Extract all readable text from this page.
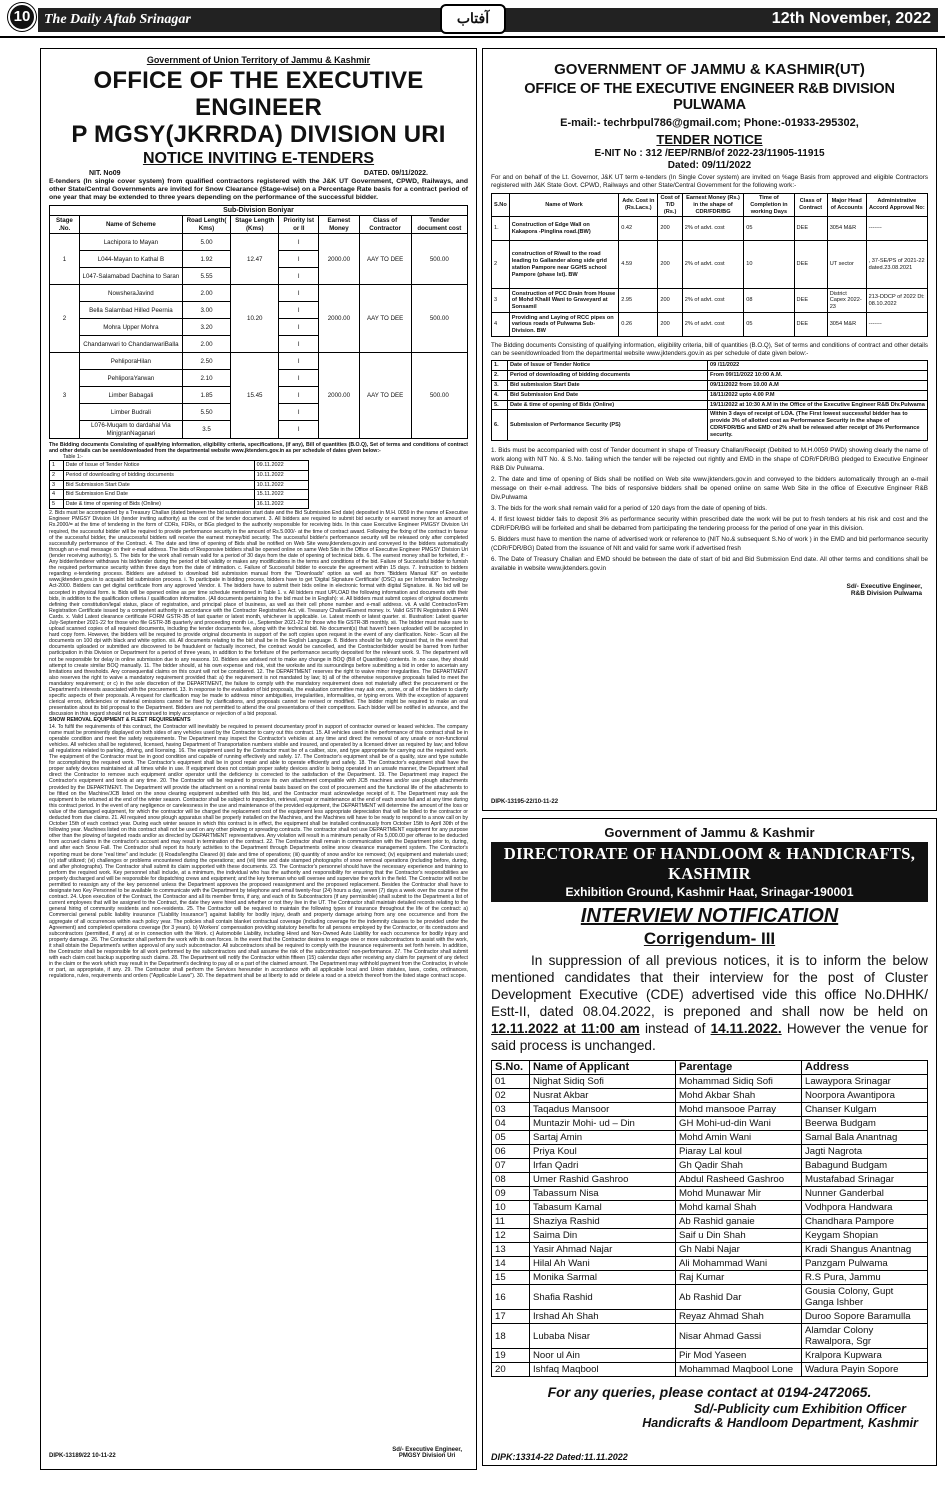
10 The Daily Aftab Srinagar	آفتاب	12th November, 2022
Government of Union Territory of Jammu & Kashmir
OFFICE OF THE EXECUTIVE ENGINEER
P MGSY(JKRRDA) DIVISION URI
NOTICE INVITING E-TENDERS
NIT. No09	DATED. 09/11/2022.
E-tenders (In single cover system) from qualified contractors registered with the J&K UT Government, CPWD, Railways, and other State/Central Governments are invited for Snow Clearance (Stage-wise) on a Percentage Rate basis for a contract period of one year that may be extended to three years depending on the performance of the successful bidder.
Sub-Division Boniyar							
Stage .No.	Name of Scheme	Road Length( Kms)	Stage Length (Kms)	Priority Ist or II	Earnest Money	Class of Contractor	Tender document cost
1	Lachipora to Mayan	5.00	12.47	I	2000.00	AAY TO DEE	500.00
	L044-Mayan to Kathal B	1.92		I			
	L047-Salamabad Dachina to Saran	5.55		I			
2	NowsheraJavind	2.00	10.20	I	2000.00	AAY TO DEE	500.00
	Bella Salambad Hilled Peernia	3.00		I			
	Mohra Upper Mohra	3.20		I			
	Chandanwari to ChandanwariBalla	2.00		I			
3	PehliporaHilan	2.50	15.45	I	2000.00	AAY TO DEE	500.00
	PehliporaYarwan	2.10		I			
	Limber Babagali	1.85		I			
	Limber Budrali	5.50		I			
	L076-Muqam to dardahal Via MinjgranNaganari	3.5		I			
The Bidding documents Consisting of qualifying information, eligibility criteria, specifications, (if any), Bill of quantities (B.O.Q), Set of terms and conditions of contract and other details can be seen/downloaded from the departmental website www.jktenders.gov.in as per schedule of dates given below:-
Table 1:-
1	Date of Issue of Tender Notice	09.11.2022
2	Period of downloading of bidding documents	10.11.2022
3	Bid Submission Start Date	10.11.2022
4	Bid Submission End Date	15.11.2022
5	Date & time of opening of Bids (Online)	16.11.2022
2. Bids must be accompanied by a Treasury Challan (dated between the bid submission start date and the Bid Submission End date) deposited in M.H. 0059 in the name of Executive Engineer PMGSY Division Uri (tender inviting authority) as the cost of the tender document. 3. All bidders are required to submit bid security or earnest money for an amount of Rs.2000/= at the time of tendering in the form of CDRs, FDRs, or BGs pledged to the authority responsible for receiving bids. In this case Executive Engineer PMGSY Division Uri required, the successful bidder will be required to provide performance security in the amount of Rs.5.000/- at the time of contract award. Following the fixing of the contract in favour of the successful bidder, the unsuccessful bidders will receive the earnest money/bid security. The successful bidder's performance security will be released only after completed successfully performance of the Contract. 4. The date and time of opening of Bids shall be notified on Web Site www.jktenders.gov.in and conveyed to the bidders automatically through an e-mail message on their e-mail address. The bids of Responsive bidders shall be opened online on same Web Site in the Office of Executive Engineer PMGSY Division Uri (tender receiving authority). 5. The bids for the work shall remain valid for a period of 30 days from the date of opening of technical bids. 6. The earnest money shall be forfeited, if: - Any bidder/tenderer withdraws his bid/tender during the period of bid validity or makes any modifications in the terms and conditions of the bid. Failure of Successful bidder to furnish the required performance security within three days from the date of intimation. c. Failure of Successful bidder to execute the agreement within 15 days. 7. Instruction to bidders regarding e-tendering process. Bidders are advised to download bid submission manual from the "Downloads" option as well as from "Bidders Manual Kit" on website www.jktenders.gov.in to acquaint bid submission process. i. To participate in bidding process, bidders have to get 'Digital Signature Certificate' (DSC) as per Information Technology Act-2000. Bidders can get digital certificate from any approved Vendor. ii. The bidders have to submit their bids online in electronic format with digital Signature. iii. No bid will be accepted in physical form. iv. Bids will be opened online as per time schedule mentioned in Table 1. v. All bidders must UPLOAD the following information and documents with their bids, in addition to the qualification criteria / qualification information. (All documents pertaining to the bid must be in English): vi. All bidders must submit copies of original documents defining their constitution/legal status, place of registration, and principal place of business, as well as their cell phone number and e-mail address. vii. A valid Contractor/Firm Registration Certificate issued by a competent authority in accordance with the Contractor Registration Act. viii. Treasury Challan/Earnest money. ix. Valid GSTIN Registration & PAN Cards. x. Valid Latest clearance certificate FORM GSTR-3B of last quarter or latest month, whichever is applicable. i.e. Latest month or latest quarter. xi. Illustration: Latest quarter July-September 2021-22 for those who file GSTR-3B quarterly and proceeding month i.e., September 2021-22 for those who file GSTR-3B monthly. xii. The bidder must make sure to upload scanned copies of all required documents, including the tender documents fee, along with the technical bid. No document(s) that haven't been uploaded will be accepted in hard copy form. However, the bidders will be required to provide original documents in support of the soft copies upon request in the event of any clarification. Note:- Scan all the documents on 100 dpi with black and white option. xiii. All documents relating to the bid shall be in the English Language. 8. Bidders should be fully cognizant that, in the event that documents uploaded or submitted are discovered to be fraudulent or factually incorrect, the contract would be cancelled, and the Contractor/bidder would be barred from further participation in this Division or Department for a period of three years, in addition to the forfeiture of the performance security deposited for the relevant work. 9. The department will not be responsible for delay in online submission due to any reasons. 10. Bidders are advised not to make any change in BOQ (Bill of Quantities) contents. In .no case, they should attempt to create similar BOQ manually. 11. The bidder should, at his own expense and risk, visit the worksite and its surroundings before submitting a bid in order to ascertain any limitations and thresholds. Any consequential claims on this count will not be considered. 12. The DEPARTMENT reserves the right to waive minor irregularities. The DEPARTMENT also reserves the right to waive a mandatory requirement provided that: a) the requirement is not mandated by law; b) all of the otherwise responsive proposals failed to meet the mandatory requirement; or c) in the sole discretion of the DEPARTMENT, the failure to comply with the mandatory requirement does not materially affect the procurement or the Department's interests associated with the procurement. 13. In response to the evaluation of bid proposals, the evaluation committee may ask one, some, or all of the bidders to clarify specific aspects of their proposals. A request for clarification may be made to address minor ambiguities, irregularities, informalities, or typing errors. With the exception of apparent clerical errors, deficiencies or material omissions cannot be fixed by clarifications, and proposals cannot be revised or modified. The bidder might be required to make an oral presentation about its bid proposal to the Department. Bidders are not permitted to attend the oral presentations of their competitors. Each bidder will be notified in advance, and the discussion in this regard should not be construed to imply acceptance or rejection of a bid proposal.
SNOW REMOVAL EQUIPMENT & FLEET REQUIREMENTS
14. To fulfil the requirements of this contract, the Contractor will inevitably be required to present documentary proof in support of contractor owned or leased vehicles. The company name must be prominently displayed on both sides of any vehicles used by the Contractor to carry out this contract. 15. All vehicles used in the performance of this contract shall be in operable condition and meet the safety requirements. The Department may inspect the Contractor's vehicles at any time and direct the removal of any unsafe or non-functional vehicles. All vehicles shall be registered, licensed, having Department of Transportation numbers visible and insured, and operated by a licensed driver as required by law; and follow all regulations related to parking, driving, and licensing. 16. The equipment used by the Contractor must be of a caliber, size, and type appropriate for carrying out the required work. The equipment of the Contractor must be in good condition and capable of running effectively and safely. 17. The Contractor's equipment shall be of a quality, size and type suitable for accomplishing the required work. The Contractor's equipment shall be in good repair and able to operate efficiently and safely. 18. The Contractor's equipment shall have the proper safety devices maintained at all times while in use. If equipment does not contain proper safety devices and/or is being operated in an unsafe manner, the Department shall direct the Contractor to remove such equipment and/or operator until the deficiency is corrected to the satisfaction of the Department. 19. The Department may inspect the Contractor's equipment and tools at any time. 20. The Contractor will be required to procure its own attachment compatible with JCB machines and/or use plough attachments provided by the DEPARTMENT. The Department will provide the attachment on a nominal rental basis based on the cost of procurement and the functional life of the attachments to be fitted on the Machine/JCB listed on the snow clearing equipment submitted with this bid, and the Contractor must acknowledge receipt of it. The Department may ask the equipment to be returned at the end of the winter season. Contractor shall be subject to inspection, retrieval, repair or maintenance at the end of each snow fall and at any time during this contract period. In the event of any negligence or carelessness in the use and maintenance of the provided equipment, the DEPARTMENT will determine the amount of the loss or value of the damaged equipment, for which the contractor will be charged the replacement cost of the equipment less appropriate depreciation that will be billed to the contractor or deducted from due claims. 21. All required snow plough apparatus shall be properly installed on the Machines, and the Machines will have to be ready to respond to a snow call on by October 15th of each contract year. During each winter season in which this contract is in effect, the equipment shall be installed continuously from October 15th to April 30th of the following year. Machines listed on this contract shall not be used on any other plowing or spreading contracts. The contractor shall not use DEPARTMENT equipment for any purpose other than the plowing of targeted roads and/or as directed by DEPARTMENT representatives. Any violation will result in a minimum penalty of Rs 5,000.00 per offense to be deducted from accrued claims in the contractor's account and may result in termination of the contract. 22. The Contractor shall remain in communication with the Department prior to, during, and after each Snow Fall. The Contractor shall report its hourly activities to the Department through Departments online snow clearance management system. The Contractor's reporting must be done "real time" and include: (i) Roads/lengths Cleared (ii) date and time of operations; (iii) quantity of snow and/or ice removed; (iv) equipment and materials used; (v) staff utilized; (vi) challenges or problems encountered during the operations; and (vii) time and date stamped photographs of snow removal operations (including before, during, and after photographs). The Contractor shall submit its claim supported with these documents. 23. The Contractor's personnel should have the necessary experience and training to perform the required work. Key personnel shall include, at a minimum, the individual who has the authority and responsibility for ensuring that the Contractor's responsibilities are properly discharged and will be responsible for dispatching crews and equipment; and the key foreman who will oversee and supervise the work in the field. The Contractor will not be permitted to reassign any of the key personnel unless the Department approves the proposed reassignment and the proposed replacement. Besides the Contractor shall have to designate two Key Personnel to be available to communicate with the Department by telephone and email twenty-four (24) hours a day, seven (7) days a week over the course of the contract. 24. Upon execution of the Contract, the Contractor and all its member firms, if any, and each of its Subcontractors (if any permissible) shall submit to the Department a list of current employees that will be assigned to the Contract, the date they were hired and whether or not they live in the UT. The Contractor shall maintain detailed records relating to the general hiring of community residents and non-residents. 25. The Contractor will be required to maintain the following types of insurance throughout the life of the contract: a) Commercial general public liability insurance ("Liability Insurance") against liability for bodily injury, death and property damage arising from any one occurrence and from the aggregate of all occurrences within each policy year. The policies shall contain blanket contractual coverage (including coverage for the indemnity clauses to be provided under the Agreement) and completed operations coverage (for 3 years). b) Workers' compensation providing statutory benefits for all persons employed by the Contractor, or its contractors and subcontractors (permitted, if any) at or in connection with the Work. c) Automobile Liability, including Hired and Non-Owned Auto Liability for each occurrence for bodily injury and property damage. 26. The Contractor shall perform the work with its own forces. In the event that the Contractor desires to engage one or more subcontractors to assist with the work, it shall obtain the Department's written approval of any such subcontractor. All subcontractors shall be required to comply with the insurance requirements set forth herein. In addition, the Contractor shall be responsible for all work performed by the subcontractors and shall assume the risk of the subcontractors' non-performance. 27. The Contractor shall submit with each claim cost backup supporting such claims. 28. The Department will notify the Contractor within fifteen (15) calendar days after receiving any claim for payment of any defect in the claim or the work which may result in the Department's declining to pay all or a part of the claimed amount. The Department may withhold payment from the Contractor, in whole or part, as appropriate, if any. 29. The Contractor shall perform the Services hereunder in accordance with all applicable local and Union statutes, laws, codes, ordinances, regulations, rules, requirements and orders ("Applicable Laws"). 30. The department shall be at liberty to add or delete a road or a stretch thereof from the listed stage contract scope.
Sd/- Executive Engineer,
PMGSY Division Uri
DIPK-13189/22 10-11-22
GOVERNMENT OF JAMMU & KASHMIR(UT)
OFFICE OF THE EXECUTIVE ENGINEER R&B DIVISION PULWAMA
E-mail:- techrbpul786@gmail.com; Phone:-01933-295302,
TENDER NOTICE
E-NIT No : 312 /EEP/RNB/of 2022-23/11905-11915
Dated: 09/11/2022
For and on behalf of the Lt. Governor, J&K UT term e-tenders (In Single Cover system) are invited on %age Basis from approved and eligible Contractors registered with J&K State Govt. CPWD, Railways and other State/Central Government for the following work:-
S.No	Name of Work	Adv. Cost in (Rs.Lacs.)	Cost of T/D (Rs.)	Earnest Money (Rs.) in the shape of CDR/FDR/BG	Time of Completion in working Days	Class of Contract	Major Head of Accounts	Administrative Accord Approval No:
1.	Construction of Edge Wall on Kakapora -Pinglina road.(BW)	0.42	200	2% of advt. cost	05	DEE	3054 M&R	-------
2	construction of R/wall to the road leading to Gallander along side grid station Pampore near GGHS school Pampore (phase Ist). BW	4.59	200	2% of advt. cost	10	DEE	UT sector	, 37-SE/PS of 2021-22 dated.23.08.2021
3	Construction of PCC Drain from House of Mohd Khalil Wani to Graveyard at Sonsamil	2.95	200	2% of advt. cost	08	DEE	District Capex 2022-23	213-DDCP of 2022 Dt: 08.10.2022
4	Providing and Laying of RCC pipes on various roads of Pulwama Sub-Division. BW	0.26	200	2% of advt. cost	05	DEE	3054 M&R	-------
The Bidding documents Consisting of qualifying information, eligibility criteria, bill of quantities (B.O.Q), Set of terms and conditions of contract and other details can be seen/downloaded from the departmental website www.jktenders.gov.in as per schedule of date given below:-
1.	Date of Issue of Tender Notice	09 /11/2022
2.	Period of downloading of bidding documents	From 09/11/2022 10:00 A.M.
3.	Bid submission Start Date	09/11/2022 from 10.00 A.M
4.	Bid Submission End Date	18/11/2022 upto 4.00 P.M
5.	Date & time of opening of Bids (Online)	19/11/2022 at 10:30 A.M in the Office of the Executive Engineer R&B Div.Pulwama
6.	Submission of Performance Security (PS)	Within 3 days of receipt of LOA. (The First lowest successful bidder has to provide 3% of allotted cost as Performance Security in the shape of CDR/FDR/BG and EMD of 2% shall be released after receipt of 3% Performance security.
1. Bids must be accompanied with cost of Tender document in shape of Treasury Challan/Receipt (Debited to M.H.0059 PWD) showing clearly the name of work along with NIT No. & S.No. failing which the tender will be rejected out rightly and EMD in the shape of CDR/FDR/BG pledged to Executive Engineer R&B Div Pulwama.
2. The date and time of opening of Bids shall be notified on Web site www.jktenders.gov.in and conveyed to the bidders automatically through an e-mail message on their e-mail address. The bids of responsive bidders shall be opened online on same Web Site in the office of Executive Engineer R&B Div.Pulwama
3. The bids for the work shall remain valid for a period of 120 days from the date of opening of bids.
4. If first lowest bidder fails to deposit 3% as performance security within prescribed date the work will be put to fresh tenders at his risk and cost and the CDR/FDR/BG will be forfeited and shall be debarred from participating the tendering process for the period of one year in this division.
5. Bidders must have to mention the name of advertised work or reference to (NIT No.& subsequent S.No of work ) in the EMD and bid performance security (CDR/FDR/BG) Dated from the issuance of NIt and valid for same work if advertised fresh
6. The Date of Treasury Challan and EMD should be between the date of start of bid and Bid Submission End date. All other terms and conditions shall be available in website www.jktenders.gov.in
Sd/- Executive Engineer,
R&B Division Pulwama
DIPK-13195-22/10-11-22
Government of Jammu & Kashmir
DIRECTORATE OF HANDLOOM & HANDICRAFTS, KASHMIR
Exhibition Ground, Kashmir Haat, Srinagar-190001
INTERVIEW NOTIFICATION
Corrigendum- III
In suppression of all previous notices, it is to inform the below mentioned candidates that their interview for the post of Cluster Development Executive (CDE) advertised vide this office No.DHHK/ Estt-II, dated 08.04.2022, is preponed and shall now be held on 12.11.2022 at 11:00 am instead of 14.11.2022. However the venue for said process is unchanged.
S.No.	Name of Applicant	Parentage	Address
01	Nighat Sidiq Sofi	Mohammad Sidiq Sofi	Lawaypora Srinagar
02	Nusrat Akbar	Mohd Akbar Shah	Noorpora Awantipora
03	Taqadus Mansoor	Mohd mansooe Parray	Chanser Kulgam
04	Muntazir Mohi- ud – Din	GH Mohi-ud-din Wani	Beerwa Budgam
05	Sartaj Amin	Mohd Amin Wani	Samal Bala Anantnag
06	Priya Koul	Piaray Lal koul	Jagti Nagrota
07	Irfan Qadri	Gh Qadir Shah	Babagund Budgam
08	Umer Rashid Gashroo	Abdul Rasheed Gashroo	Mustafabad Srinagar
09	Tabassum Nisa	Mohd Munawar Mir	Nunner Ganderbal
10	Tabasum Kamal	Mohd kamal Shah	Vodhpora Handwara
11	Shaziya Rashid	Ab Rashid ganaie	Chandhara Pampore
12	Saima Din	Saif u Din Shah	Keygam Shopian
13	Yasir Ahmad Najar	Gh Nabi Najar	Kradi Shangus Anantnag
14	Hilal Ah Wani	Ali Mohammad Wani	Panzgam Pulwama
15	Monika Sarmal	Raj Kumar	R.S Pura, Jammu
16	Shafia Rashid	Ab Rashid Dar	Gousia Colony, Gupt Ganga Ishber
17	Irshad Ah Shah	Reyaz Ahmad Shah	Duroo Sopore Baramulla
18	Lubaba Nisar	Nisar Ahmad Gassi	Alamdar Colony Rawalpora, Sgr
19	Noor ul Ain	Pir Mod Yaseen	Kralpora Kupwara
20	Ishfaq Maqbool	Mohammad Maqbool Lone	Wadura Payin Sopore
For any queries, please contact at 0194-2472065.
Sd/-Publicity cum Exhibition Officer
Handicrafts & Handloom Department, Kashmir
DIPK:13314-22 Dated:11.11.2022
